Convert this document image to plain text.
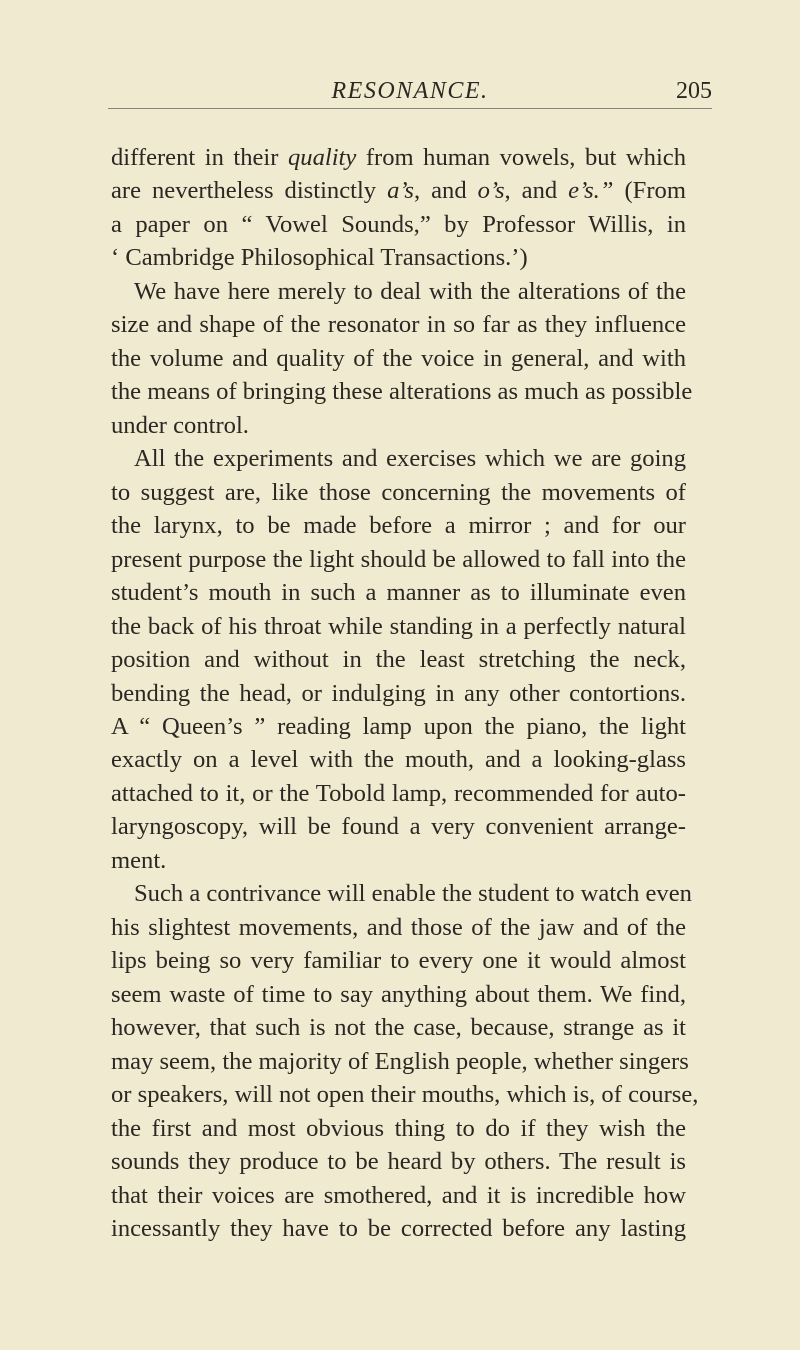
RESONANCE.	205
different in their quality from human vowels, but which
are nevertheless distinctly a’s, and o’s, and e’s.” (From
a paper on “ Vowel Sounds,” by Professor Willis, in
‘ Cambridge Philosophical Transactions.’)
We have here merely to deal with the alterations of the
size and shape of the resonator in so far as they influence
the volume and quality of the voice in general, and with
the means of bringing these alterations as much as possible
under control.
All the experiments and exercises which we are going
to suggest are, like those concerning the movements of
the larynx, to be made before a mirror ; and for our
present purpose the light should be allowed to fall into the
student’s mouth in such a manner as to illuminate even
the back of his throat while standing in a perfectly natural
position and without in the least stretching the neck,
bending the head, or indulging in any other contortions.
A “ Queen’s ” reading lamp upon the piano, the light
exactly on a level with the mouth, and a looking-glass
attached to it, or the Tobold lamp, recommended for auto-
laryngoscopy, will be found a very convenient arrange-
ment.
Such a contrivance will enable the student to watch even
his slightest movements, and those of the jaw and of the
lips being so very familiar to every one it would almost
seem waste of time to say anything about them. We find,
however, that such is not the case, because, strange as it
may seem, the majority of English people, whether singers
or speakers, will not open their mouths, which is, of course,
the first and most obvious thing to do if they wish the
sounds they produce to be heard by others. The result is
that their voices are smothered, and it is incredible how
incessantly they have to be corrected before any lasting
